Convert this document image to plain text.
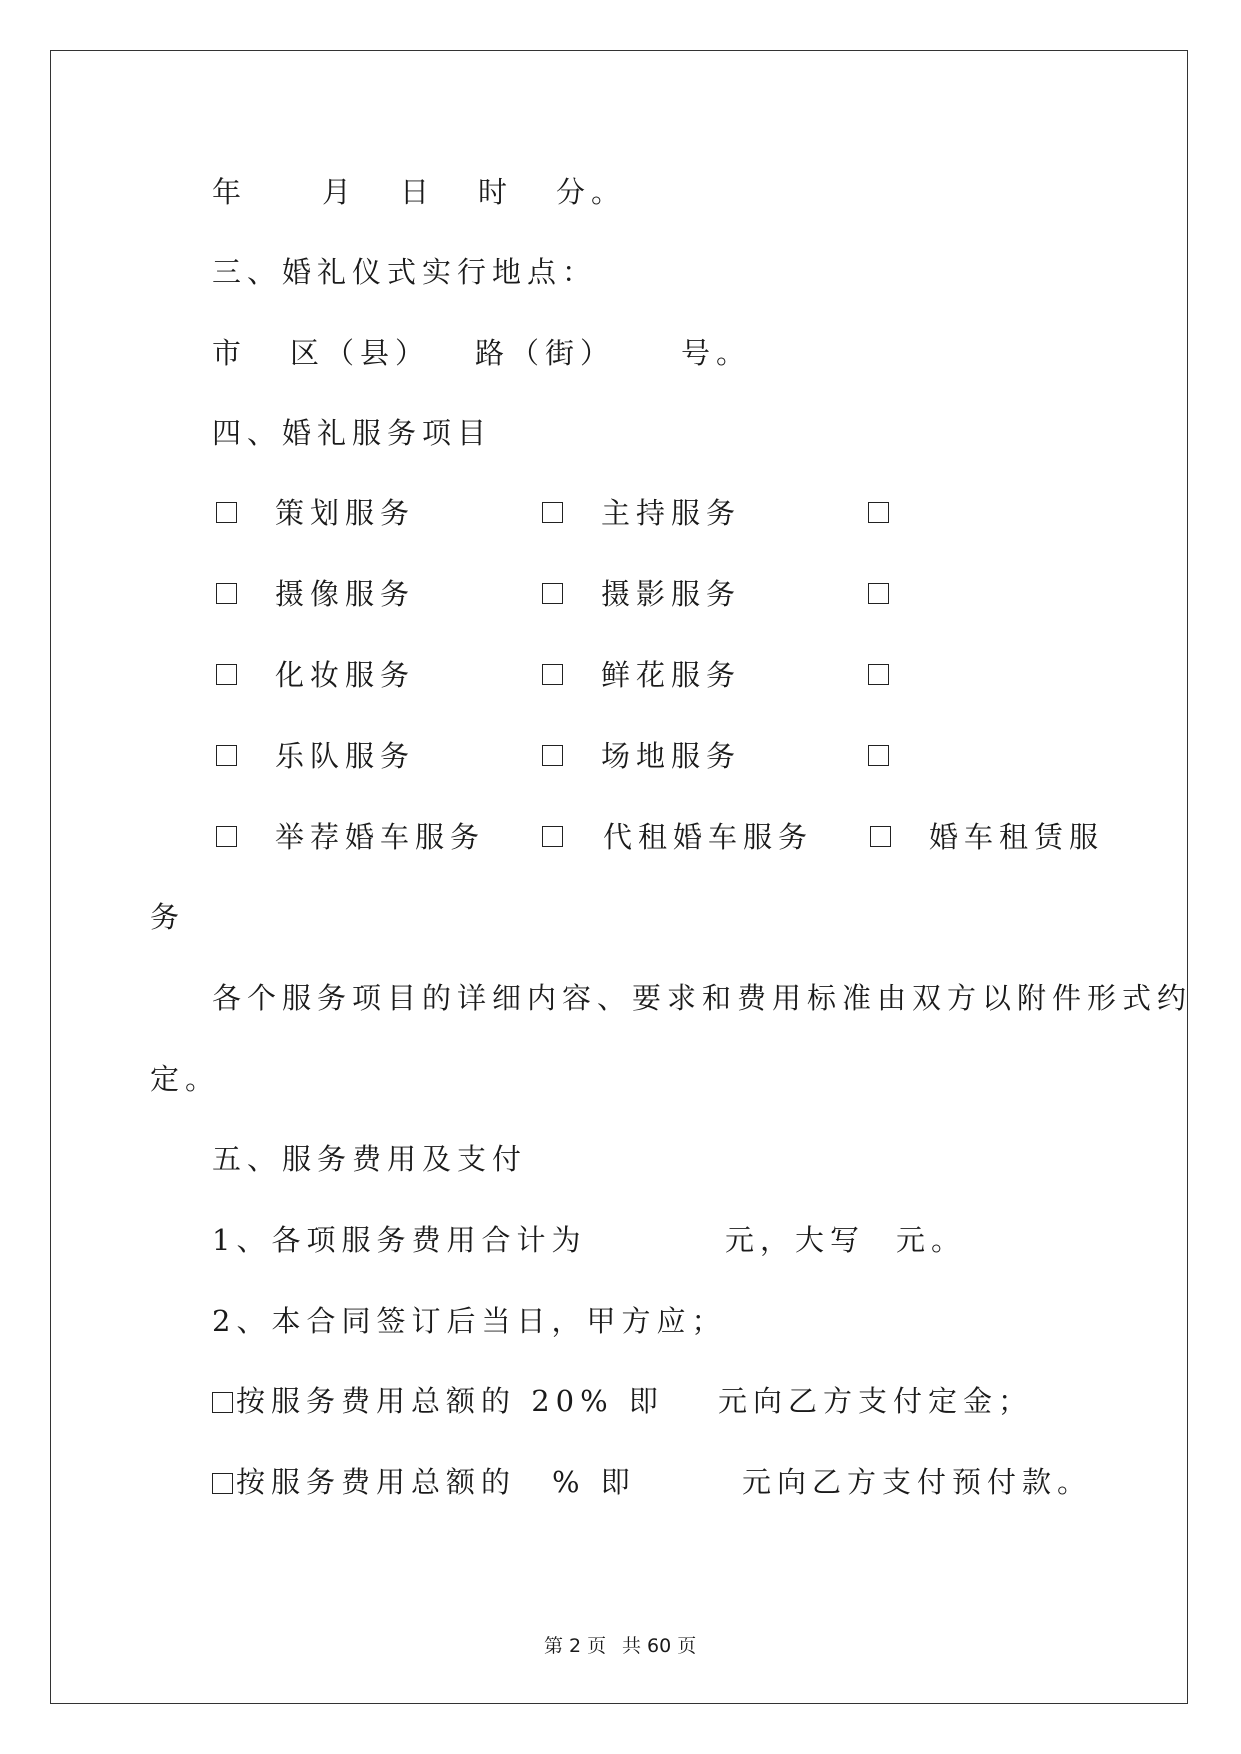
年	月 日 时 分。
三、婚礼仪式实行地点：
市 区（县） 路（街） 号。
四、婚礼服务项目
策划服务	主持服务
摄像服务	摄影服务
化妆服务	鲜花服务
乐队服务	场地服务
举荐婚车服务	代租婚车服务	婚车租赁服
务
各个服务项目的详细内容、要求和费用标准由双方以附件形式约
定。
五、服务费用及支付
1、各项服务费用合计为	元，大写 元。
2、本合同签订后当日，甲方应；
按服务费用总额的 20% 即 元向乙方支付定金；
按服务费用总额的 % 即	元向乙方支付预付款。
第 2 页 共 60 页
